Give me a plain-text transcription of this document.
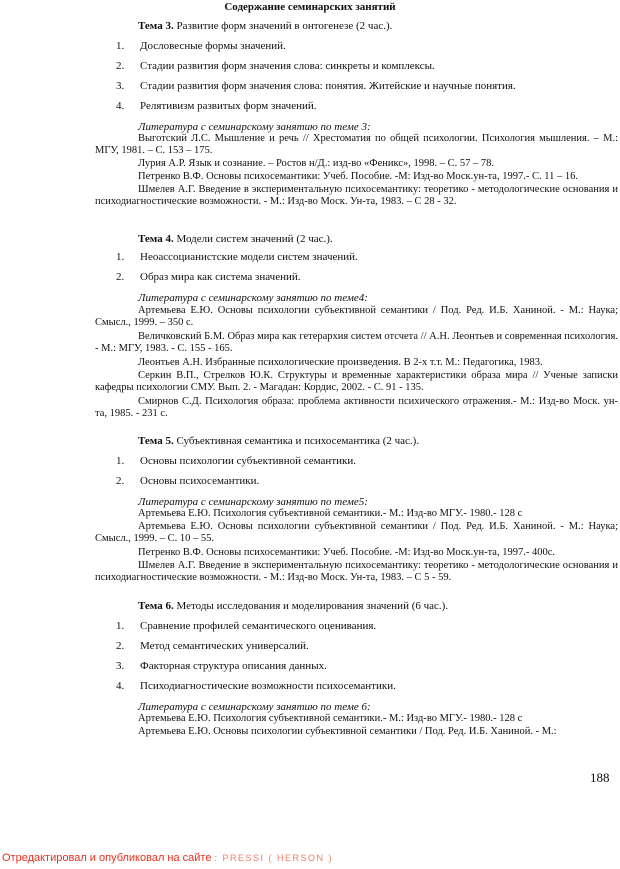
Содержание семинарских занятий
Тема 3. Развитие форм значений в онтогенезе (2 час.).
1. Дословесные формы значений.
2. Стадии развития форм значения слова: синкреты и комплексы.
3. Стадии развития форм значения слова: понятия. Житейские и научные понятия.
4. Релятивизм развитых форм значений.
Литература с семинарскому занятию по теме 3:
Выготский Л.С. Мышление и речь // Хрестоматия по общей психологии. Психология мышления. – М.: МГУ, 1981. – С. 153 – 175.
Лурия А.Р. Язык и сознание. – Ростов н/Д.: изд-во «Феникс», 1998. – С. 57 – 78.
Петренко В.Ф. Основы психосемантики: Учеб. Пособие. -М: Изд-во Моск.ун-та, 1997.- С. 11 – 16.
Шмелев А.Г. Введение в экспериментальную психосемантику: теоретико - методологические основания и психодиагностические возможности. - М.: Изд-во Моск. Ун-та, 1983. – С 28 - 32.
Тема 4. Модели систем значений (2 час.).
1. Неоассоцианистские модели систем значений.
2. Образ мира как система значений.
Литература с семинарскому занятию по теме4:
Артемьева Е.Ю. Основы психологии субъективной семантики / Под. Ред. И.Б. Ханиной. - М.: Наука; Смысл., 1999. – 350 с.
Величковский Б.М. Образ мира как гетерархия систем отсчета // А.Н. Леонтьев и современная психология. - М.: МГУ, 1983. - С. 155 - 165.
Леонтьев А.Н. Избранные психологические произведения. В 2-х т.т. М.: Педагогика, 1983.
Серкин В.П., Стрелков Ю.К. Структуры и временные характеристики образа мира // Ученые записки кафедры психологии СМУ. Вып. 2. - Магадан: Кордис, 2002. - С. 91 - 135.
Смирнов С.Д. Психология образа: проблема активности психического отражения.- М.: Изд-во Моск. ун-та, 1985. - 231 с.
Тема 5. Субъективная семантика и психосемантика (2 час.).
1. Основы психологии субъективной семантики.
2. Основы психосемантики.
Литература с семинарскому занятию по теме5:
Артемьева Е.Ю. Психология субъективной семантики.- М.: Изд-во МГУ.- 1980.- 128 с
Артемьева Е.Ю. Основы психологии субъективной семантики / Под. Ред. И.Б. Ханиной. - М.: Наука; Смысл., 1999. – С. 10 – 55.
Петренко В.Ф. Основы психосемантики: Учеб. Пособие. -М: Изд-во Моск.ун-та, 1997.- 400с.
Шмелев А.Г. Введение в экспериментальную психосемантику: теоретико - методологические основания и психодиагностические возможности. - М.: Изд-во Моск. Ун-та, 1983. – С 5 - 59.
Тема 6. Методы исследования и моделирования значений (6 час.).
1. Сравнение профилей семантического оценивания.
2. Метод семантических универсалий.
3. Факторная структура описания данных.
4. Психодиагностические возможности психосемантики.
Литература с семинарскому занятию по теме 6:
Артемьева Е.Ю. Психология субъективной семантики.- М.: Изд-во МГУ.- 1980.- 128 с
Артемьева Е.Ю. Основы психологии субъективной семантики / Под. Ред. И.Б. Ханиной. - М.:
188
Отредактировал и опубликовал на сайте : PRESSI ( HERSON )
